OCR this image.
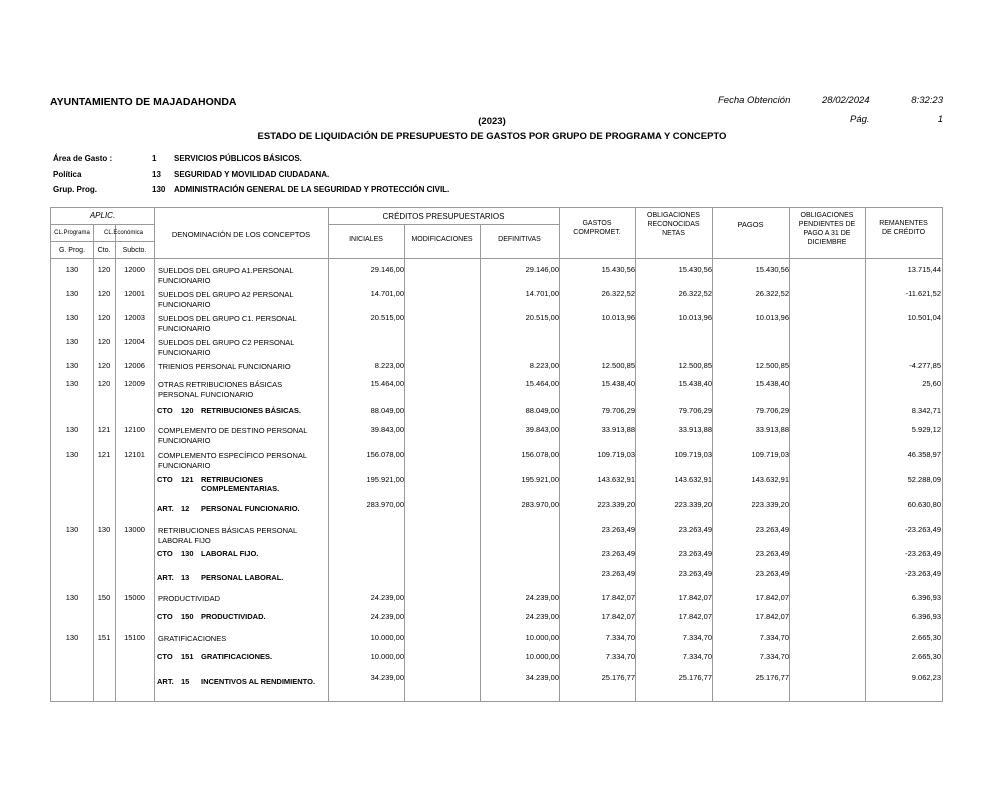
AYUNTAMIENTO DE MAJADAHONDA	Fecha Obtención	28/02/2024	8:32:23
Pág.	1
(2023)
ESTADO DE LIQUIDACIÓN DE PRESUPUESTO DE GASTOS POR GRUPO DE PROGRAMA Y CONCEPTO
Área de Gasto :	1 SERVICIOS PÚBLICOS BÁSICOS.
Política	13 SEGURIDAD Y MOVILIDAD CIUDADANA.
Grup. Prog.	130 ADMINISTRACIÓN GENERAL DE LA SEGURIDAD Y PROTECCIÓN CIVIL.
APLIC.
CL.Programa	CL.Económica
G. Prog.	Cto.	Subcto.
DENOMINACIÓN DE LOS CONCEPTOS
CRÉDITOS PRESUPUESTARIOS
INICIALES	MODIFICACIONES	DEFINITIVAS
GASTOS
COMPROMET.
OBLIGACIONES
RECONOCIDAS
NETAS
PAGOS
OBLIGACIONES
PENDIENTES DE
PAGO A 31 DE
DICIEMBRE
REMANENTES
DE CRÉDITO
130	120	12000	SUELDOS DEL GRUPO A1.PERSONAL FUNCIONARIO
29.146,00	29.146,00	15.430,56	15.430,56	15.430,56	13.715,44
130	120	12001	SUELDOS DEL GRUPO A2 PERSONAL FUNCIONARIO
14.701,00	14.701,00	26.322,52	26.322,52	26.322,52	-11.621,52
130	120	12003	SUELDOS DEL GRUPO C1. PERSONAL FUNCIONARIO
20.515,00	20.515,00	10.013,96	10.013,96	10.013,96	10.501,04
130	120	12004	SUELDOS DEL GRUPO C2 PERSONAL FUNCIONARIO
130	120	12006	TRIENIOS PERSONAL FUNCIONARIO	8.223,00	8.223,00	12.500,85	12.500,85	12.500,85	-4.277,85
130	120	12009	OTRAS RETRIBUCIONES BÁSICAS PERSONAL FUNCIONARIO
15.464,00	15.464,00	15.438,40	15.438,40	15.438,40	25,60
CTO 120 RETRIBUCIONES BÁSICAS.	88.049,00	88.049,00	79.706,29	79.706,29	79.706,29	8.342,71
130	121	12100	COMPLEMENTO DE DESTINO PERSONAL FUNCIONARIO
39.843,00	39.843,00	33.913,88	33.913,88	33.913,88	5.929,12
130	121	12101	COMPLEMENTO ESPECÍFICO PERSONAL FUNCIONARIO
156.078,00	156.078,00	109.719,03	109.719,03	109.719,03	46.358,97
CTO 121 RETRIBUCIONES COMPLEMENTARIAS.
195.921,00	195.921,00	143.632,91	143.632,91	143.632,91	52.288,09
ART. 12 PERSONAL FUNCIONARIO.	283.970,00	283.970,00	223.339,20	223.339,20	223.339,20	60.630,80
130	130	13000	RETRIBUCIONES BÁSICAS PERSONAL LABORAL FIJO
23.263,49	23.263,49	23.263,49	-23.263,49
CTO 130 LABORAL FIJO.	23.263,49	23.263,49	23.263,49	-23.263,49
ART. 13 PERSONAL LABORAL.	23.263,49	23.263,49	23.263,49	-23.263,49
130	150	15000	PRODUCTIVIDAD	24.239,00	24.239,00	17.842,07	17.842,07	17.842,07	6.396,93
CTO 150 PRODUCTIVIDAD.	24.239,00	24.239,00	17.842,07	17.842,07	17.842,07	6.396,93
130	151	15100	GRATIFICACIONES	10.000,00	10.000,00	7.334,70	7.334,70	7.334,70	2.665,30
CTO 151 GRATIFICACIONES.	10.000,00	10.000,00	7.334,70	7.334,70	7.334,70	2.665,30
ART. 15 INCENTIVOS AL RENDIMIENTO.	34.239,00	34.239,00	25.176,77	25.176,77	25.176,77	9.062,23
